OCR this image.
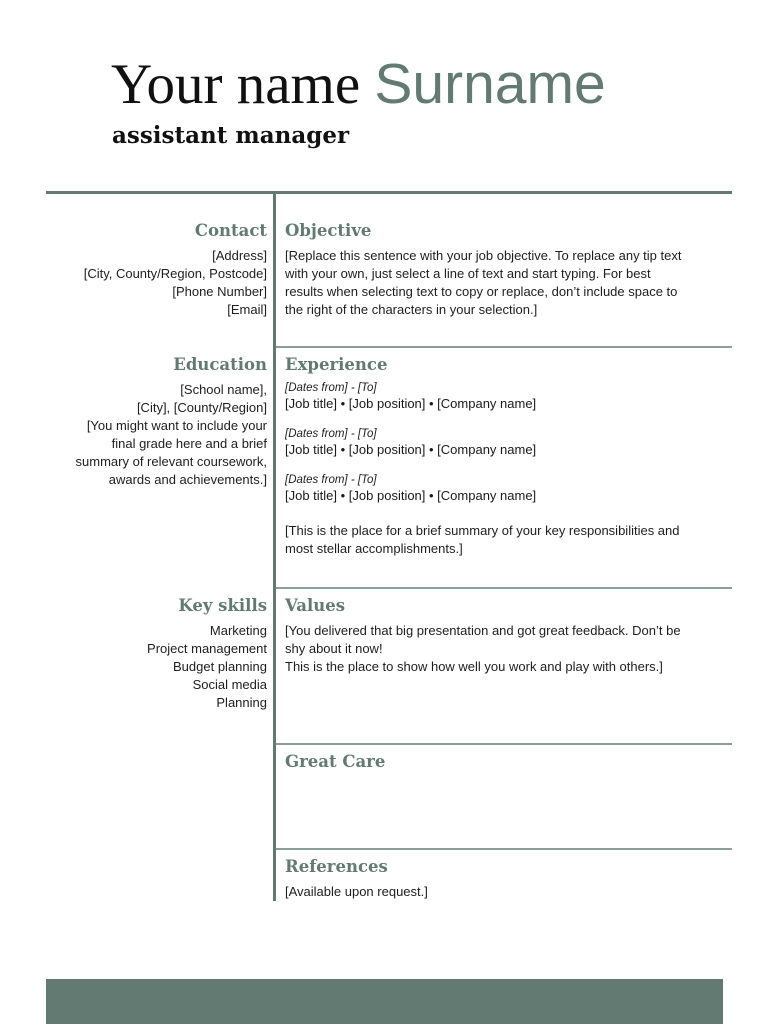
Your name Surname
assistant manager
Contact
[Address]
[City, County/Region, Postcode]
[Phone Number]
[Email]
Objective
[Replace this sentence with your job objective. To replace any tip text
with your own, just select a line of text and start typing. For best
results when selecting text to copy or replace, don’t include space to
the right of the characters in your selection.]
Education
[School name],
[City], [County/Region]
[You might want to include your
final grade here and a brief
summary of relevant coursework,
awards and achievements.]
Experience
[Dates from] - [To]
[Job title] • [Job position] • [Company name]
[Dates from] - [To]
[Job title] • [Job position] • [Company name]
[Dates from] - [To]
[Job title] • [Job position] • [Company name]
[This is the place for a brief summary of your key responsibilities and
most stellar accomplishments.]
Key skills
Marketing
Project management
Budget planning
Social media
Planning
Values
[You delivered that big presentation and got great feedback. Don’t be
shy about it now!
This is the place to show how well you work and play with others.]
Great Care
References
[Available upon request.]
